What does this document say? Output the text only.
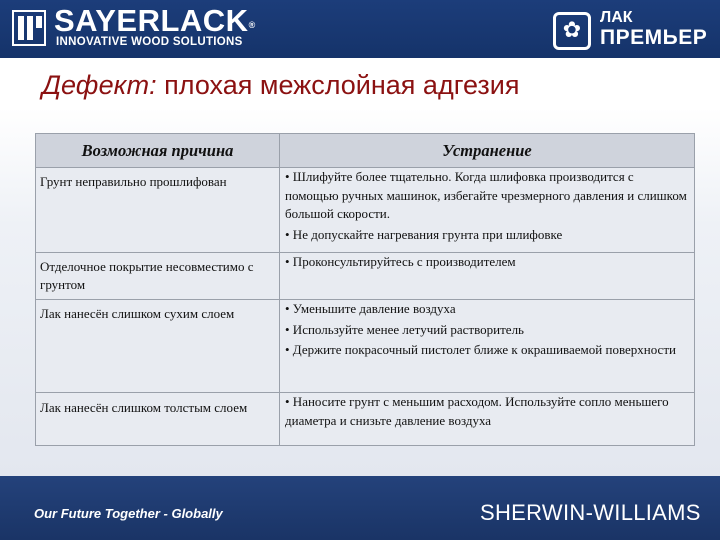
SAYERLACK®
INNOVATIVE WOOD SOLUTIONS	✿
ЛАК
ПРЕМЬЕР
Дефект: плохая межслойная адгезия
Возможная причина	Устранение

Грунт неправильно прошлифован	• Шлифуйте более тщательно. Когда шлифовка производится с помощью ручных машинок, избегайте чрезмерного давления и слишком большой скорости.

• Не допускайте нагревания грунта при шлифовке

Отделочное покрытие несовместимо с грунтом	• Проконсультируйтесь с производителем

Лак нанесён слишком сухим слоем	• Уменьшите давление воздуха

• Используйте менее летучий растворитель

• Держите покрасочный пистолет ближе к окрашиваемой поверхности

Лак нанесён слишком толстым слоем	• Наносите грунт с меньшим расходом. Используйте сопло меньшего диаметра и снизьте давление воздуха

Our Future Together - Globally	SHERWIN-WILLIAMS
